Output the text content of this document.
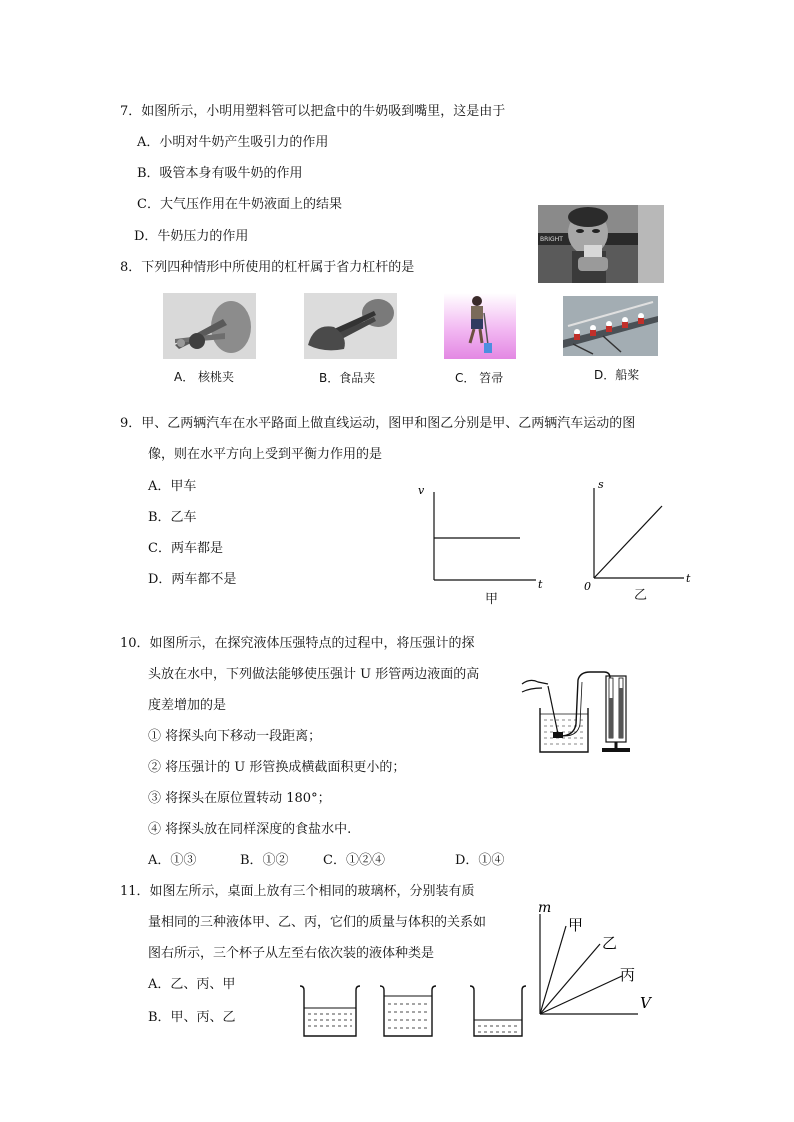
7．如图所示，小明用塑料管可以把盒中的牛奶吸到嘴里，这是由于
A．小明对牛奶产生吸引力的作用
B．吸管本身有吸牛奶的作用
C．大气压作用在牛奶液面上的结果
D．牛奶压力的作用	BRIGHT
8．下列四种情形中所使用的杠杆属于省力杠杆的是
A． 核桃夹	B．食品夹	C． 笤帚	D．船桨
9．甲、乙两辆汽车在水平路面上做直线运动，图甲和图乙分别是甲、乙两辆汽车运动的图
像，则在水平方向上受到平衡力作用的是
A．甲车
B．乙车
C．两车都是
D．两车都不是
v
t
甲
s
t
0
乙
10．如图所示，在探究液体压强特点的过程中，将压强计的探
头放在水中，下列做法能够使压强计 U 形管两边液面的高
度差增加的是
① 将探头向下移动一段距离；
② 将压强计的 U 形管换成横截面积更小的；
③ 将探头在原位置转动 180°；
④ 将探头放在同样深度的食盐水中.
A．①③	B．①②	C．①②④	D．①④
11．如图左所示，桌面上放有三个相同的玻璃杯，分别装有质
量相同的三种液体甲、乙、丙，它们的质量与体积的关系如
图右所示，三个杯子从左至右依次装的液体种类是
A．乙、丙、甲
B．甲、丙、乙
m
V
甲
乙
丙
